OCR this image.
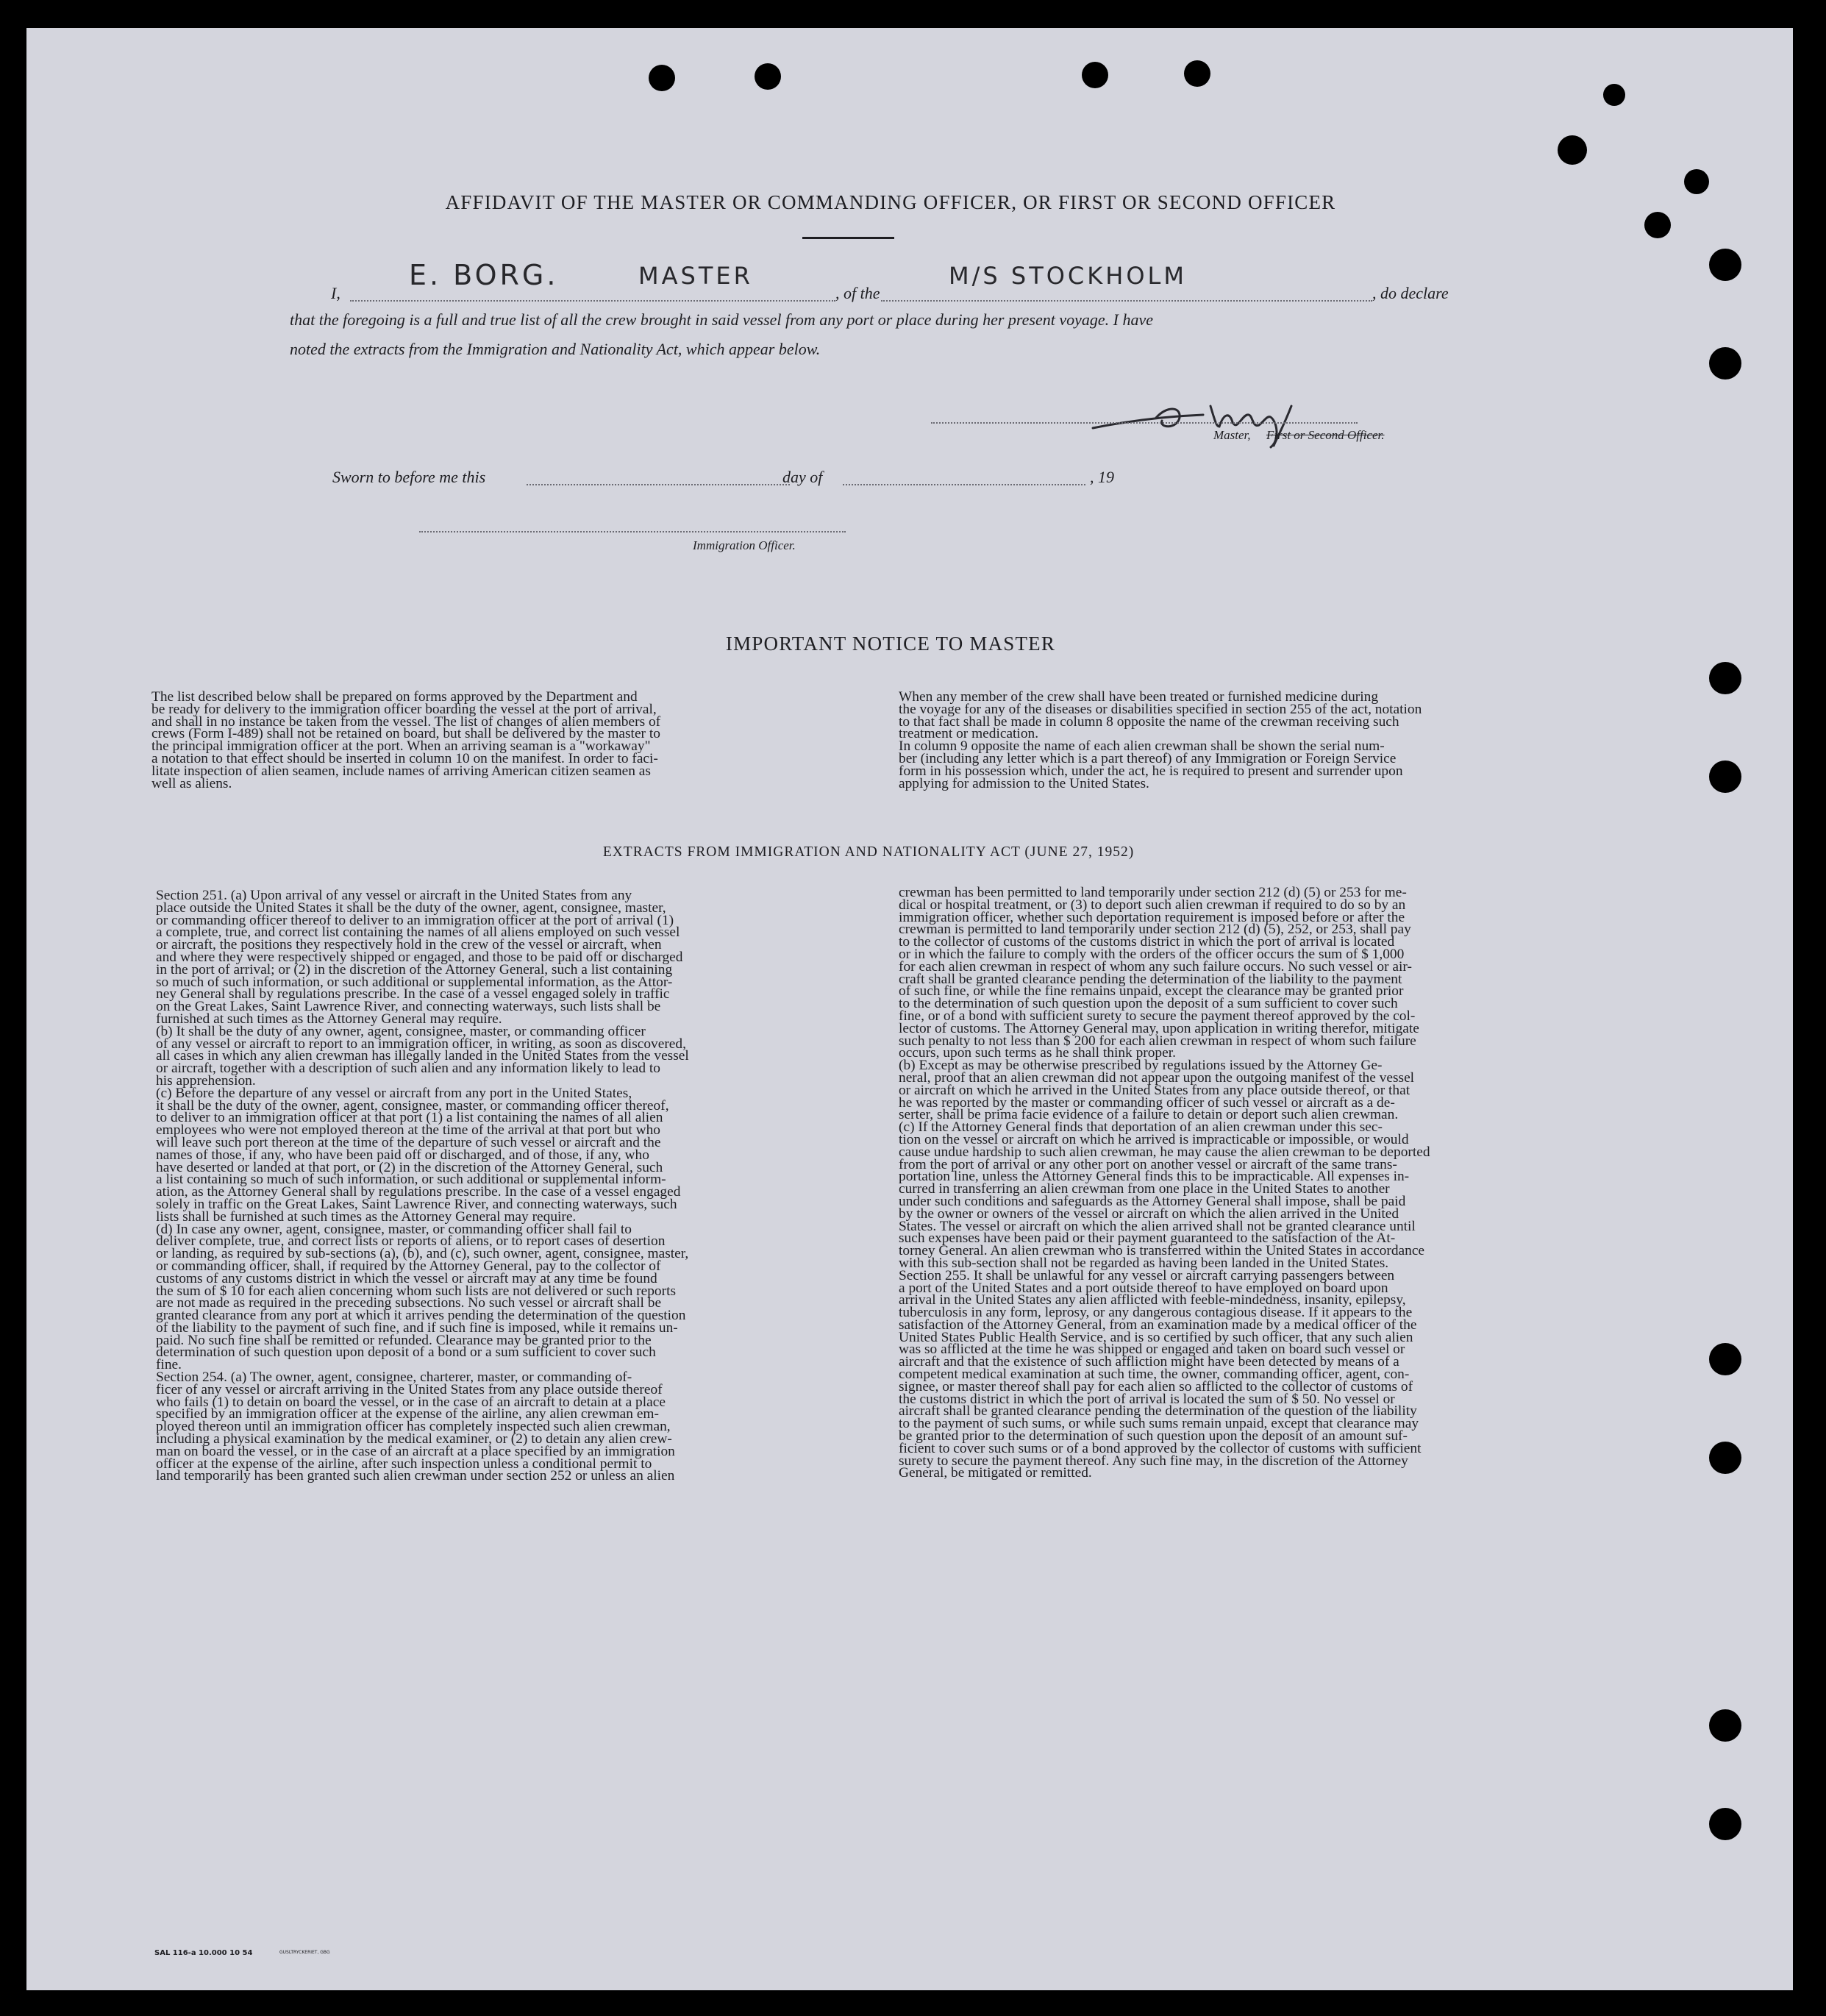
AFFIDAVIT OF THE MASTER OR COMMANDING OFFICER, OR FIRST OR SECOND OFFICER
I,
E. BORG.	MASTER
, of the
M/S STOCKHOLM
, do declare
that the foregoing is a full and true list of all the crew brought in said vessel from any port or place during her present voyage. I have
noted the extracts from the Immigration and Nationality Act, which appear below.
Master, First or Second Officer.
Sworn to before me this	day of	, 19
Immigration Officer.
IMPORTANT NOTICE TO MASTER
The list described below shall be prepared on forms approved by the Department and
be ready for delivery to the immigration officer boarding the vessel at the port of arrival,
and shall in no instance be taken from the vessel. The list of changes of alien members of
crews (Form I-489) shall not be retained on board, but shall be delivered by the master to
the principal immigration officer at the port. When an arriving seaman is a "workaway"
a notation to that effect should be inserted in column 10 on the manifest. In order to faci-
litate inspection of alien seamen, include names of arriving American citizen seamen as
well as aliens.
When any member of the crew shall have been treated or furnished medicine during
the voyage for any of the diseases or disabilities specified in section 255 of the act, notation
to that fact shall be made in column 8 opposite the name of the crewman receiving such
treatment or medication.
In column 9 opposite the name of each alien crewman shall be shown the serial num-
ber (including any letter which is a part thereof) of any Immigration or Foreign Service
form in his possession which, under the act, he is required to present and surrender upon
applying for admission to the United States.
EXTRACTS FROM IMMIGRATION AND NATIONALITY ACT (JUNE 27, 1952)
Section 251. (a) Upon arrival of any vessel or aircraft in the United States from any
place outside the United States it shall be the duty of the owner, agent, consignee, master,
or commanding officer thereof to deliver to an immigration officer at the port of arrival (1)
a complete, true, and correct list containing the names of all aliens employed on such vessel
or aircraft, the positions they respectively hold in the crew of the vessel or aircraft, when
and where they were respectively shipped or engaged, and those to be paid off or discharged
in the port of arrival; or (2) in the discretion of the Attorney General, such a list containing
so much of such information, or such additional or supplemental information, as the Attor-
ney General shall by regulations prescribe. In the case of a vessel engaged solely in traffic
on the Great Lakes, Saint Lawrence River, and connecting waterways, such lists shall be
furnished at such times as the Attorney General may require.
(b) It shall be the duty of any owner, agent, consignee, master, or commanding officer
of any vessel or aircraft to report to an immigration officer, in writing, as soon as discovered,
all cases in which any alien crewman has illegally landed in the United States from the vessel
or aircraft, together with a description of such alien and any information likely to lead to
his apprehension.
(c) Before the departure of any vessel or aircraft from any port in the United States,
it shall be the duty of the owner, agent, consignee, master, or commanding officer thereof,
to deliver to an immigration officer at that port (1) a list containing the names of all alien
employees who were not employed thereon at the time of the arrival at that port but who
will leave such port thereon at the time of the departure of such vessel or aircraft and the
names of those, if any, who have been paid off or discharged, and of those, if any, who
have deserted or landed at that port, or (2) in the discretion of the Attorney General, such
a list containing so much of such information, or such additional or supplemental inform-
ation, as the Attorney General shall by regulations prescribe. In the case of a vessel engaged
solely in traffic on the Great Lakes, Saint Lawrence River, and connecting waterways, such
lists shall be furnished at such times as the Attorney General may require.
(d) In case any owner, agent, consignee, master, or commanding officer shall fail to
deliver complete, true, and correct lists or reports of aliens, or to report cases of desertion
or landing, as required by sub-sections (a), (b), and (c), such owner, agent, consignee, master,
or commanding officer, shall, if required by the Attorney General, pay to the collector of
customs of any customs district in which the vessel or aircraft may at any time be found
the sum of $ 10 for each alien concerning whom such lists are not delivered or such reports
are not made as required in the preceding subsections. No such vessel or aircraft shall be
granted clearance from any port at which it arrives pending the determination of the question
of the liability to the payment of such fine, and if such fine is imposed, while it remains un-
paid. No such fine shall be remitted or refunded. Clearance may be granted prior to the
determination of such question upon deposit of a bond or a sum sufficient to cover such
fine.
Section 254. (a) The owner, agent, consignee, charterer, master, or commanding of-
ficer of any vessel or aircraft arriving in the United States from any place outside thereof
who fails (1) to detain on board the vessel, or in the case of an aircraft to detain at a place
specified by an immigration officer at the expense of the airline, any alien crewman em-
ployed thereon until an immigration officer has completely inspected such alien crewman,
including a physical examination by the medical examiner, or (2) to detain any alien crew-
man on board the vessel, or in the case of an aircraft at a place specified by an immigration
officer at the expense of the airline, after such inspection unless a conditional permit to
land temporarily has been granted such alien crewman under section 252 or unless an alien
crewman has been permitted to land temporarily under section 212 (d) (5) or 253 for me-
dical or hospital treatment, or (3) to deport such alien crewman if required to do so by an
immigration officer, whether such deportation requirement is imposed before or after the
crewman is permitted to land temporarily under section 212 (d) (5), 252, or 253, shall pay
to the collector of customs of the customs district in which the port of arrival is located
or in which the failure to comply with the orders of the officer occurs the sum of $ 1,000
for each alien crewman in respect of whom any such failure occurs. No such vessel or air-
craft shall be granted clearance pending the determination of the liability to the payment
of such fine, or while the fine remains unpaid, except the clearance may be granted prior
to the determination of such question upon the deposit of a sum sufficient to cover such
fine, or of a bond with sufficient surety to secure the payment thereof approved by the col-
lector of customs. The Attorney General may, upon application in writing therefor, mitigate
such penalty to not less than $ 200 for each alien crewman in respect of whom such failure
occurs, upon such terms as he shall think proper.
(b) Except as may be otherwise prescribed by regulations issued by the Attorney Ge-
neral, proof that an alien crewman did not appear upon the outgoing manifest of the vessel
or aircraft on which he arrived in the United States from any place outside thereof, or that
he was reported by the master or commanding officer of such vessel or aircraft as a de-
serter, shall be prima facie evidence of a failure to detain or deport such alien crewman.
(c) If the Attorney General finds that deportation of an alien crewman under this sec-
tion on the vessel or aircraft on which he arrived is impracticable or impossible, or would
cause undue hardship to such alien crewman, he may cause the alien crewman to be deported
from the port of arrival or any other port on another vessel or aircraft of the same trans-
portation line, unless the Attorney General finds this to be impracticable. All expenses in-
curred in transferring an alien crewman from one place in the United States to another
under such conditions and safeguards as the Attorney General shall impose, shall be paid
by the owner or owners of the vessel or aircraft on which the alien arrived in the United
States. The vessel or aircraft on which the alien arrived shall not be granted clearance until
such expenses have been paid or their payment guaranteed to the satisfaction of the At-
torney General. An alien crewman who is transferred within the United States in accordance
with this sub-section shall not be regarded as having been landed in the United States.
Section 255. It shall be unlawful for any vessel or aircraft carrying passengers between
a port of the United States and a port outside thereof to have employed on board upon
arrival in the United States any alien afflicted with feeble-mindedness, insanity, epilepsy,
tuberculosis in any form, leprosy, or any dangerous contagious disease. If it appears to the
satisfaction of the Attorney General, from an examination made by a medical officer of the
United States Public Health Service, and is so certified by such officer, that any such alien
was so afflicted at the time he was shipped or engaged and taken on board such vessel or
aircraft and that the existence of such affliction might have been detected by means of a
competent medical examination at such time, the owner, commanding officer, agent, con-
signee, or master thereof shall pay for each alien so afflicted to the collector of customs of
the customs district in which the port of arrival is located the sum of $ 50. No vessel or
aircraft shall be granted clearance pending the determination of the question of the liability
to the payment of such sums, or while such sums remain unpaid, except that clearance may
be granted prior to the determination of such question upon the deposit of an amount suf-
ficient to cover such sums or of a bond approved by the collector of customs with sufficient
surety to secure the payment thereof. Any such fine may, in the discretion of the Attorney
General, be mitigated or remitted.
SAL 116-a 10.000 10 54	GUSLTRYCKERIET, GBG
